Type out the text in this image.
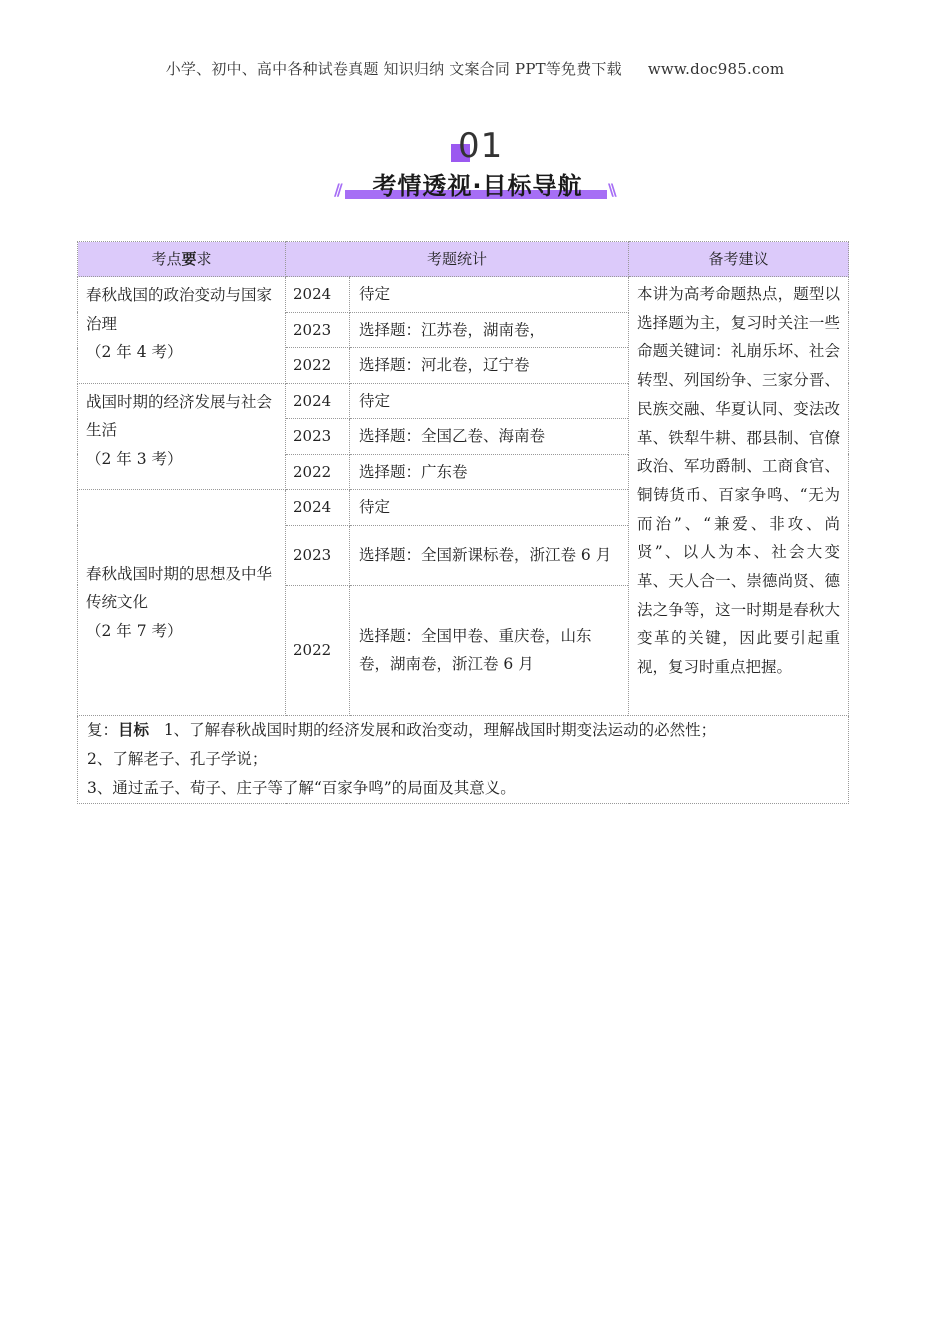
小学、初中、高中各种试卷真题 知识归纳 文案合同 PPT等免费下载 www.doc985.com
01
//	考情透视·目标导航	\\
考点要求	考题统计		备考建议
春秋战国的政治变动与国家治理
（2 年 4 考）	2024	待定	本讲为高考命题热点，题型以选择题为主，复习时关注一些命题关键词：礼崩乐坏、社会转型、列国纷争、三家分晋、民族交融、华夏认同、变法改革、铁犁牛耕、郡县制、官僚政治、军功爵制、工商食官、铜铸货币、百家争鸣、“无为而治”、“兼爱、非攻、尚贤”、以人为本、社会大变革、天人合一、崇德尚贤、德法之争等，这一时期是春秋大变革的关键，因此要引起重视，复习时重点把握。
	2023	选择题：江苏卷，湖南卷，	
	2022	选择题：河北卷，辽宁卷	
战国时期的经济发展与社会生活
（2 年 3 考）	2024	待定	
	2023	选择题：全国乙卷、海南卷	
	2022	选择题：广东卷	
春秋战国时期的思想及中华传统文化
（2 年 7 考）	2024	待定	
	2023	选择题：全国新课标卷，浙江卷 6 月	
	2022	选择题：全国甲卷、重庆卷，山东卷，湖南卷，浙江卷 6 月	
复：目标 1、了解春秋战国时期的经济发展和政治变动，理解战国时期变法运动的必然性；
2、了解老子、孔子学说；
3、通过孟子、荀子、庄子等了解“百家争鸣”的局面及其意义。			
